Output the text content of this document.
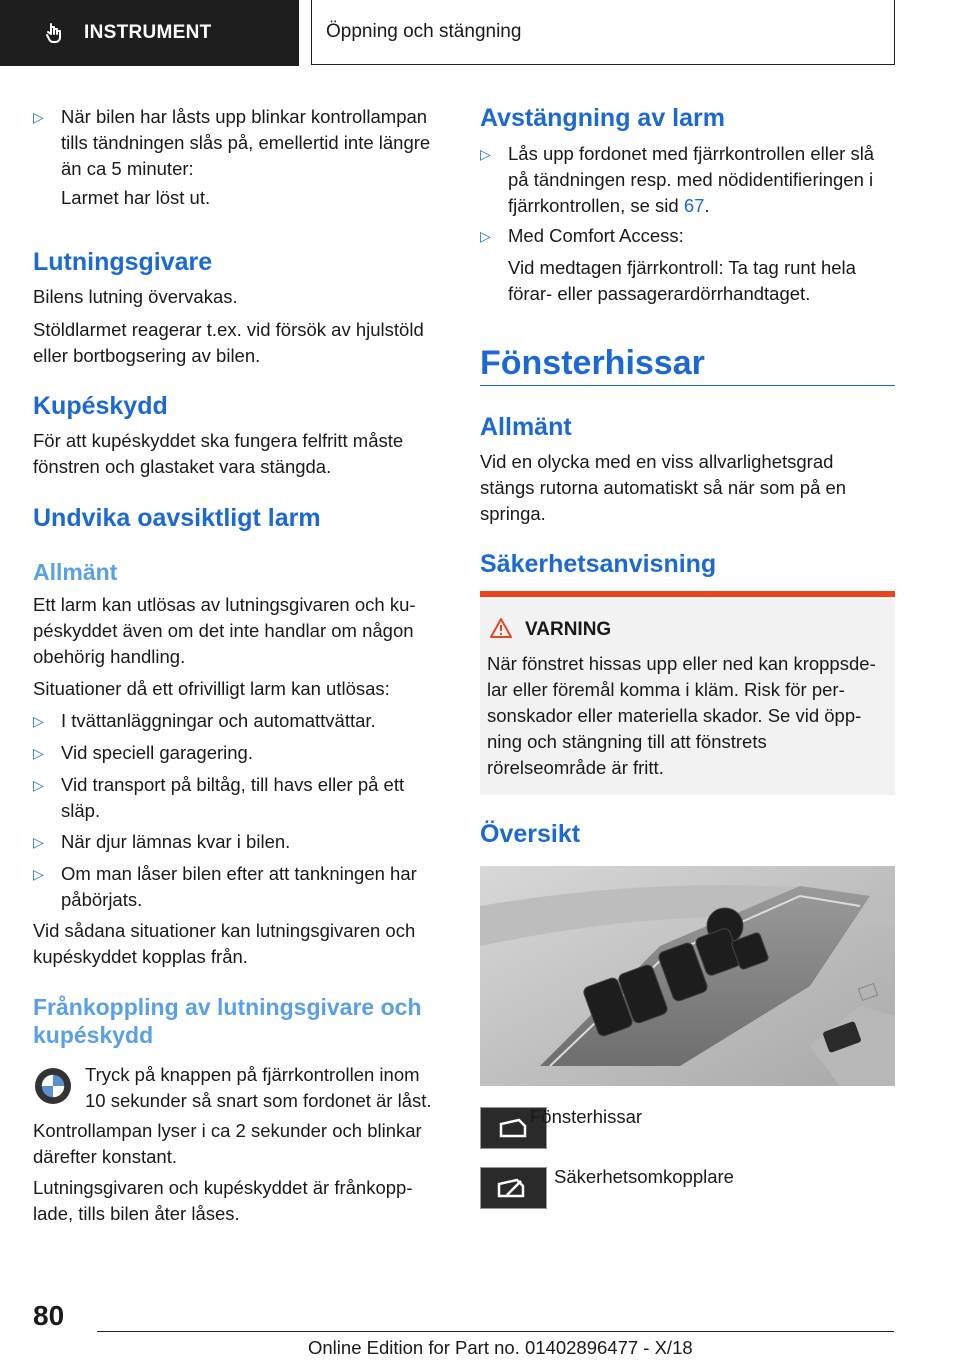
INSTRUMENT	Öppning och stängning
▷ När bilen har låsts upp blinkar kontrollampan tills tändningen slås på, emellertid inte längre än ca 5 minuter:

Larmet har löst ut.

Lutningsgivare

Bilens lutning övervakas.

Stöldlarmet reagerar t.ex. vid försök av hjulstöld eller bortbogsering av bilen.

Kupéskydd

För att kupéskyddet ska fungera felfritt måste fönstren och glastaket vara stängda.

Undvika oavsiktligt larm
Allmänt

Ett larm kan utlösas av lutningsgivaren och kupéskyddet även om det inte handlar om någon obehörig handling.

Situationer då ett ofrivilligt larm kan utlösas:

▷ I tvättanläggningar och automattvättar.
▷ Vid speciell garagering.
▷ Vid transport på biltåg, till havs eller på ett släp.
▷ När djur lämnas kvar i bilen.
▷ Om man låser bilen efter att tankningen har påbörjats.

Vid sådana situationer kan lutningsgivaren och kupéskyddet kopplas från.

Frånkoppling av lutningsgivare och kupéskydd

Tryck på knappen på fjärrkontrollen inom 10 sekunder så snart som fordonet är låst.

Kontrollampan lyser i ca 2 sekunder och blinkar därefter konstant.

Lutningsgivaren och kupéskyddet är frånkopplade, tills bilen åter låses.

Avstängning av larm
▷ Lås upp fordonet med fjärrkontrollen eller slå på tändningen resp. med nödidentifieringen i fjärrkontrollen, se sid 67.
▷ Med Comfort Access:

Vid medtagen fjärrkontroll: Ta tag runt hela förar- eller passagerardörrhandtaget.

Fönsterhissar
Allmänt

Vid en olycka med en viss allvarlighetsgrad stängs rutorna automatiskt så när som på en springa.

Säkerhetsanvisning
VARNING

När fönstret hissas upp eller ned kan kroppsdelar eller föremål komma i kläm. Risk för personskador eller materiella skador. Se vid öppning och stängning till att fönstrets rörelseområde är fritt.

Översikt
Fönsterhissar
Säkerhetsomkopplare
80
Online Edition for Part no. 01402896477 - X/18
